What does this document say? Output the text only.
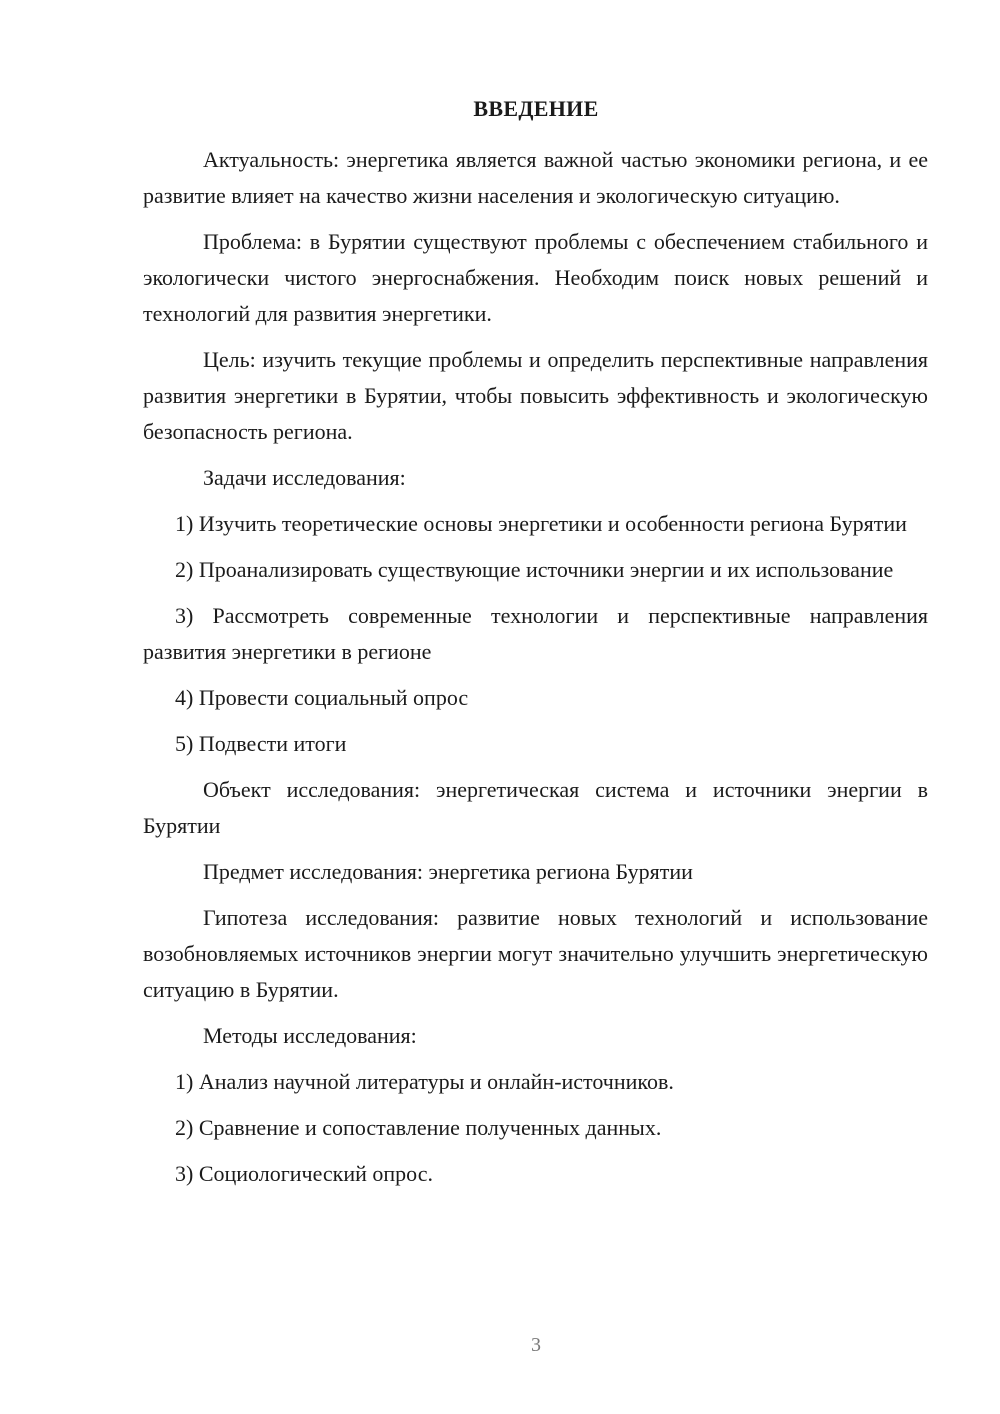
ВВЕДЕНИЕ

Актуальность: энергетика является важной частью экономики региона, и ее развитие влияет на качество жизни населения и экологическую ситуацию.

Проблема: в Бурятии существуют проблемы с обеспечением стабильного и экологически чистого энергоснабжения. Необходим поиск новых решений и технологий для развития энергетики.

Цель: изучить текущие проблемы и определить перспективные направления развития энергетики в Бурятии, чтобы повысить эффективность и экологическую безопасность региона.

Задачи исследования:

1) Изучить теоретические основы энергетики и особенности региона Бурятии

2) Проанализировать существующие источники энергии и их использование

3) Рассмотреть современные технологии и перспективные направления развития энергетики в регионе

4) Провести социальный опрос

5) Подвести итоги

Объект исследования: энергетическая система и источники энергии в Бурятии

Предмет исследования: энергетика региона Бурятии

Гипотеза исследования: развитие новых технологий и использование возобновляемых источников энергии могут значительно улучшить энергетическую ситуацию в Бурятии.

Методы исследования:

1) Анализ научной литературы и онлайн-источников.

2) Сравнение и сопоставление полученных данных.

3) Социологический опрос.

3
